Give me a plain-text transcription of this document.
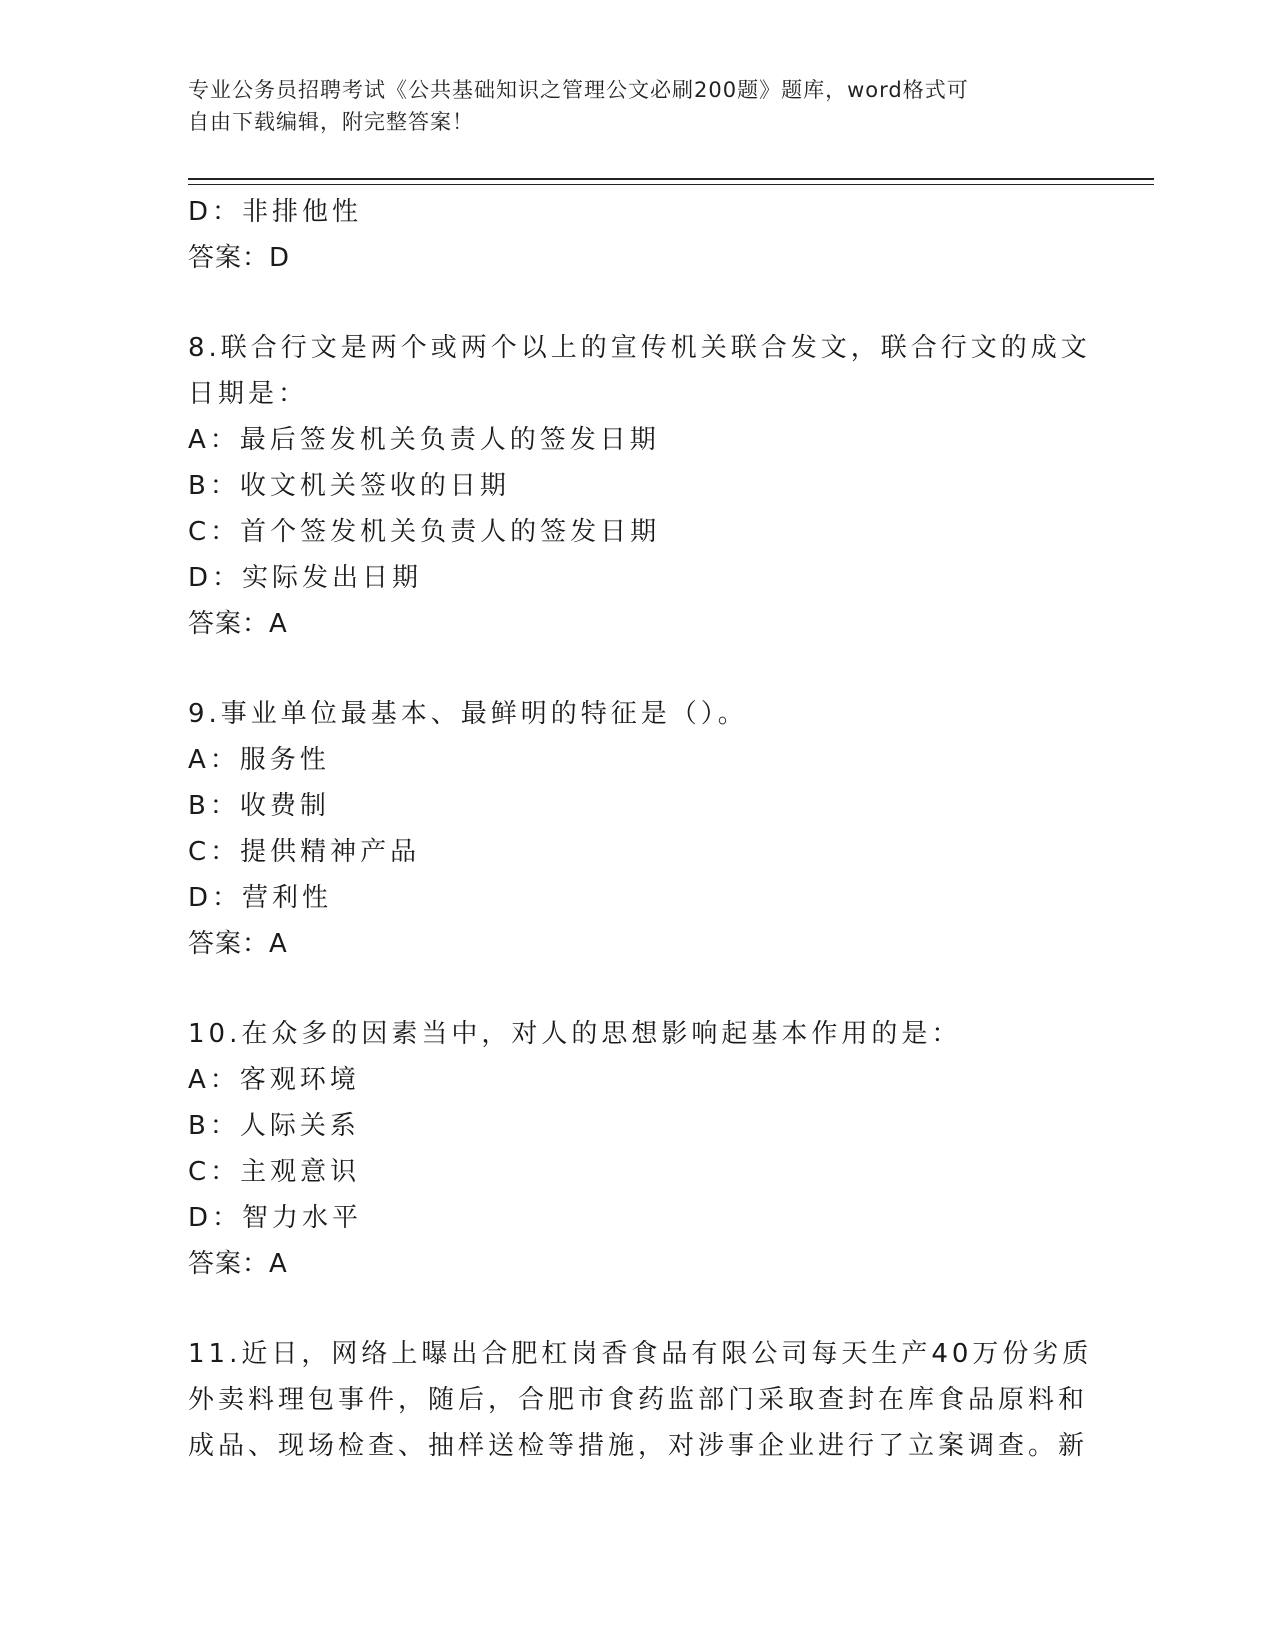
专业公务员招聘考试《公共基础知识之管理公文必刷200题》题库，word格式可
自由下载编辑，附完整答案！
D：非排他性
答案：D
8.联合行文是两个或两个以上的宣传机关联合发文，联合行文的成文
日期是：
A：最后签发机关负责人的签发日期
B：收文机关签收的日期
C：首个签发机关负责人的签发日期
D：实际发出日期
答案：A
9.事业单位最基本、最鲜明的特征是（）。
A：服务性
B：收费制
C：提供精神产品
D：营利性
答案：A
10.在众多的因素当中，对人的思想影响起基本作用的是：
A：客观环境
B：人际关系
C：主观意识
D：智力水平
答案：A
11.近日，网络上曝出合肥杠岗香食品有限公司每天生产40万份劣质
外卖料理包事件，随后，合肥市食药监部门采取查封在库食品原料和
成品、现场检查、抽样送检等措施，对涉事企业进行了立案调查。新
